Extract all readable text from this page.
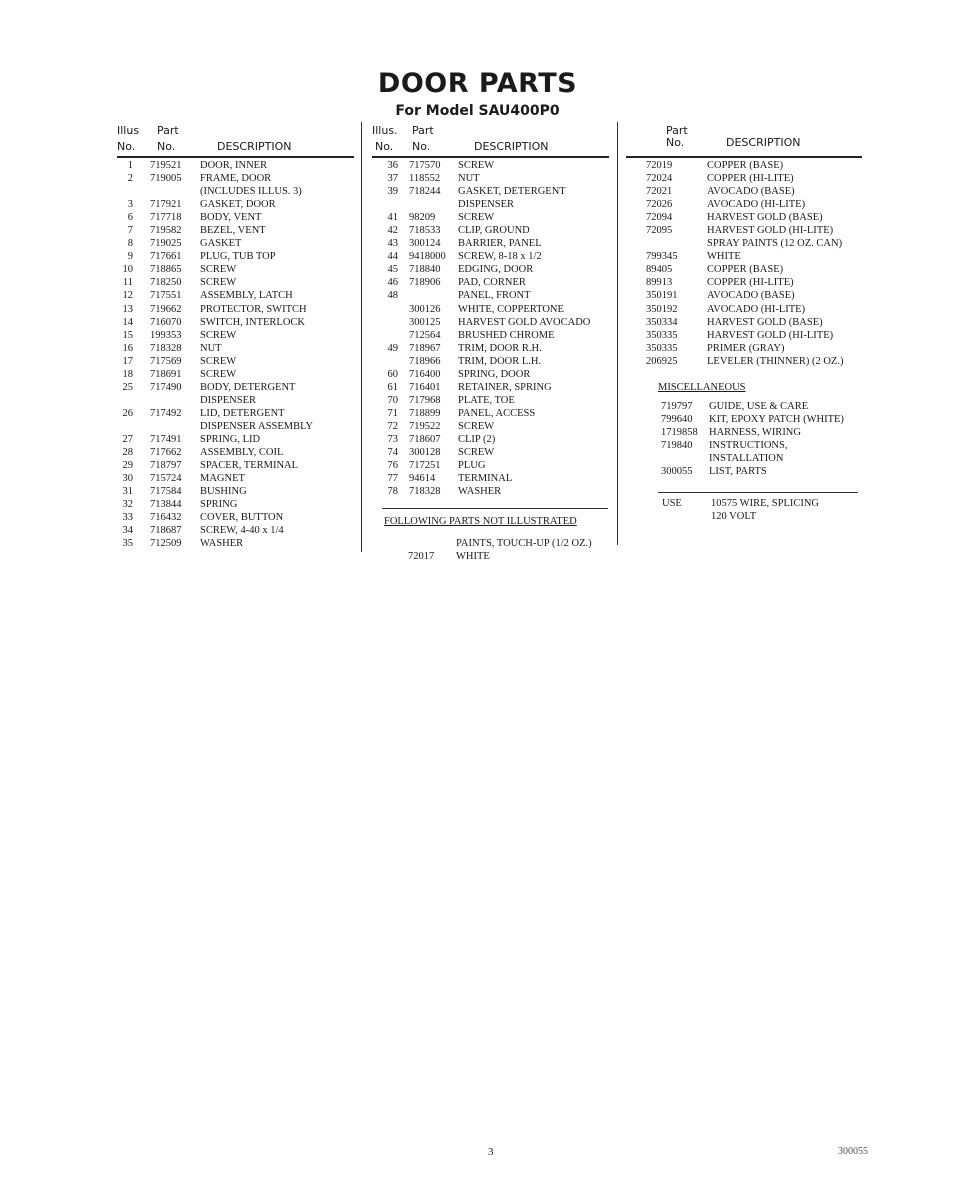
DOOR PARTS
For Model SAU400P0
Illus Part
No. No.	DESCRIPTION
1 719521 DOOR, INNER
2 719005 FRAME, DOOR
(INCLUDES ILLUS. 3)
3 717921 GASKET, DOOR
6 717718 BODY, VENT
7 719582 BEZEL, VENT
8 719025 GASKET
9 717661 PLUG, TUB TOP
10 718865 SCREW
11 718250 SCREW
12 717551 ASSEMBLY, LATCH
13 719662 PROTECTOR, SWITCH
14 716070 SWITCH, INTERLOCK
15 199353 SCREW
16 718328 NUT
17 717569 SCREW
18 718691 SCREW
25 717490 BODY, DETERGENT
DISPENSER
26 717492 LID, DETERGENT
DISPENSER ASSEMBLY
27 717491 SPRING, LID
28 717662 ASSEMBLY, COIL
29 718797 SPACER, TERMINAL
30 715724 MAGNET
31 717584 BUSHING
32 713844 SPRING
33 716432 COVER, BUTTON
34 718687 SCREW, 4-40 x 1/4
35 712509 WASHER
Illus. Part
No. No.	DESCRIPTION
36 717570 SCREW
37 118552 NUT
39 718244 GASKET, DETERGENT
DISPENSER
41 98209 SCREW
42 718533 CLIP, GROUND
43 300124 BARRIER, PANEL
44 9418000 SCREW, 8-18 x 1/2
45 718840 EDGING, DOOR
46 718906 PAD, CORNER
48	PANEL, FRONT
300126 WHITE, COPPERTONE
300125 HARVEST GOLD AVOCADO
712564 BRUSHED CHROME
49 718967 TRIM, DOOR R.H.
718966 TRIM, DOOR L.H.
60 716400 SPRING, DOOR
61 716401 RETAINER, SPRING
70 717968 PLATE, TOE
71 718899 PANEL, ACCESS
72 719522 SCREW
73 718607 CLIP (2)
74 300128 SCREW
76 717251 PLUG
77 94614 TERMINAL
78 718328 WASHER
FOLLOWING PARTS NOT ILLUSTRATED
PAINTS, TOUCH-UP (1/2 OZ.)
72017 WHITE
Part
No.	DESCRIPTION
72019	COPPER (BASE)
72024	COPPER (HI-LITE)
72021	AVOCADO (BASE)
72026	AVOCADO (HI-LITE)
72094	HARVEST GOLD (BASE)
72095	HARVEST GOLD (HI-LITE)
SPRAY PAINTS (12 OZ. CAN)
799345	WHITE
89405	COPPER (BASE)
89913	COPPER (HI-LITE)
350191	AVOCADO (BASE)
350192	AVOCADO (HI-LITE)
350334	HARVEST GOLD (BASE)
350335	HARVEST GOLD (HI-LITE)
350335	PRIMER (GRAY)
206925	LEVELER (THINNER) (2 OZ.)
MISCELLANEOUS
719797 GUIDE, USE & CARE
799640 KIT, EPOXY PATCH (WHITE)
1719858 HARNESS, WIRING
719840 INSTRUCTIONS,
INSTALLATION
300055 LIST, PARTS
USE	10575 WIRE, SPLICING
120 VOLT
3	300055
